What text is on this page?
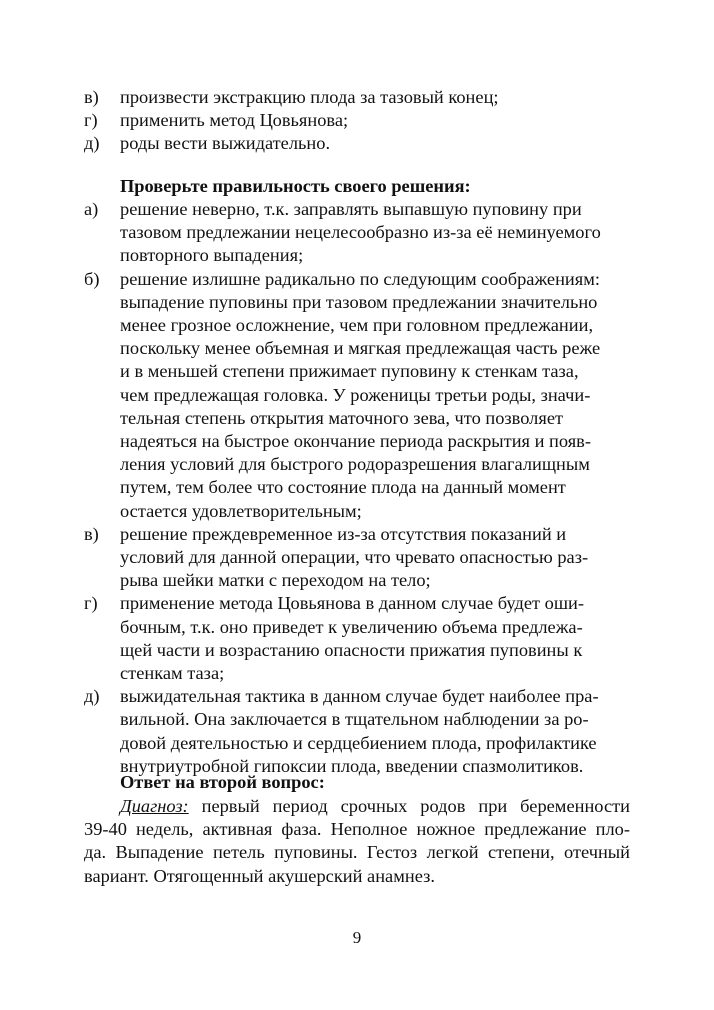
в) произвести экстракцию плода за тазовый конец;
г) применить метод Цовьянова;
д) роды вести выжидательно.
Проверьте правильность своего решения:
а) решение неверно, т.к. заправлять выпавшую пуповину при
тазовом предлежании нецелесообразно из-за её неминуемого
повторного выпадения;
б) решение излишне радикально по следующим соображениям:
выпадение пуповины при тазовом предлежании значительно
менее грозное осложнение, чем при головном предлежании,
поскольку менее объемная и мягкая предлежащая часть реже
и в меньшей степени прижимает пуповину к стенкам таза,
чем предлежащая головка. У роженицы третьи роды, значи-
тельная степень открытия маточного зева, что позволяет
надеяться на быстрое окончание периода раскрытия и появ-
ления условий для быстрого родоразрешения влагалищным
путем, тем более что состояние плода на данный момент
остается удовлетворительным;
в) решение преждевременное из-за отсутствия показаний и
условий для данной операции, что чревато опасностью раз-
рыва шейки матки с переходом на тело;
г) применение метода Цовьянова в данном случае будет оши-
бочным, т.к. оно приведет к увеличению объема предлежа-
щей части и возрастанию опасности прижатия пуповины к
стенкам таза;
д) выжидательная тактика в данном случае будет наиболее пра-
вильной. Она заключается в тщательном наблюдении за ро-
довой деятельностью и сердцебиением плода, профилактике
внутриутробной гипоксии плода, введении спазмолитиков.
Ответ на второй вопрос:
Диагноз: первый период срочных родов при беременности
39-40 недель, активная фаза. Неполное ножное предлежание пло-
да. Выпадение петель пуповины. Гестоз легкой степени, отечный
вариант. Отягощенный акушерский анамнез.
9
